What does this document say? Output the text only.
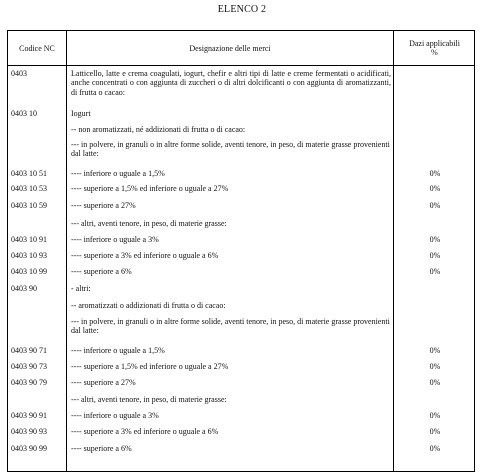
ELENCO 2
Codice NC	Designazione delle merci	Dazi applicabili
%
0403	Latticello, latte e crema coagulati, iogurt, chefir e altri tipi di latte e creme fermentati o acidificati, anche concentrati o con aggiunta di zuccheri o di altri dolcificanti o con aggiunta di aromatizzanti, di frutta o cacao:
0403 10	Iogurt
-- non aromatizzati, né addizionati di frutta o di cacao:
--- in polvere, in granuli o in altre forme solide, aventi tenore, in peso, di materie grasse provenienti dal latte:
0403 10 51	---- inferiore o uguale a 1,5%	0%
0403 10 53	---- superiore a 1,5% ed inferiore o uguale a 27%	0%
0403 10 59	---- superiore a 27%	0%
--- altri, aventi tenore, in peso, di materie grasse:
0403 10 91	---- inferiore o uguale a 3%	0%
0403 10 93	---- superiore a 3% ed inferiore o uguale a 6%	0%
0403 10 99	---- superiore a 6%	0%
0403 90	- altri:
-- aromatizzati o addizionati di frutta o di cacao:
--- in polvere, in granuli o in altre forme solide, aventi tenore, in peso, di materie grasse provenienti dal latte:
0403 90 71	---- inferiore o uguale a 1,5%	0%
0403 90 73	---- superiore a 1,5% ed inferiore o uguale a 27%	0%
0403 90 79	---- superiore a 27%	0%
--- altri, aventi tenore, in peso, di materie grasse:
0403 90 91	---- inferiore o uguale a 3%	0%
0403 90 93	---- superiore a 3% ed inferiore o uguale a 6%	0%
0403 90 99	---- superiore a 6%	0%
